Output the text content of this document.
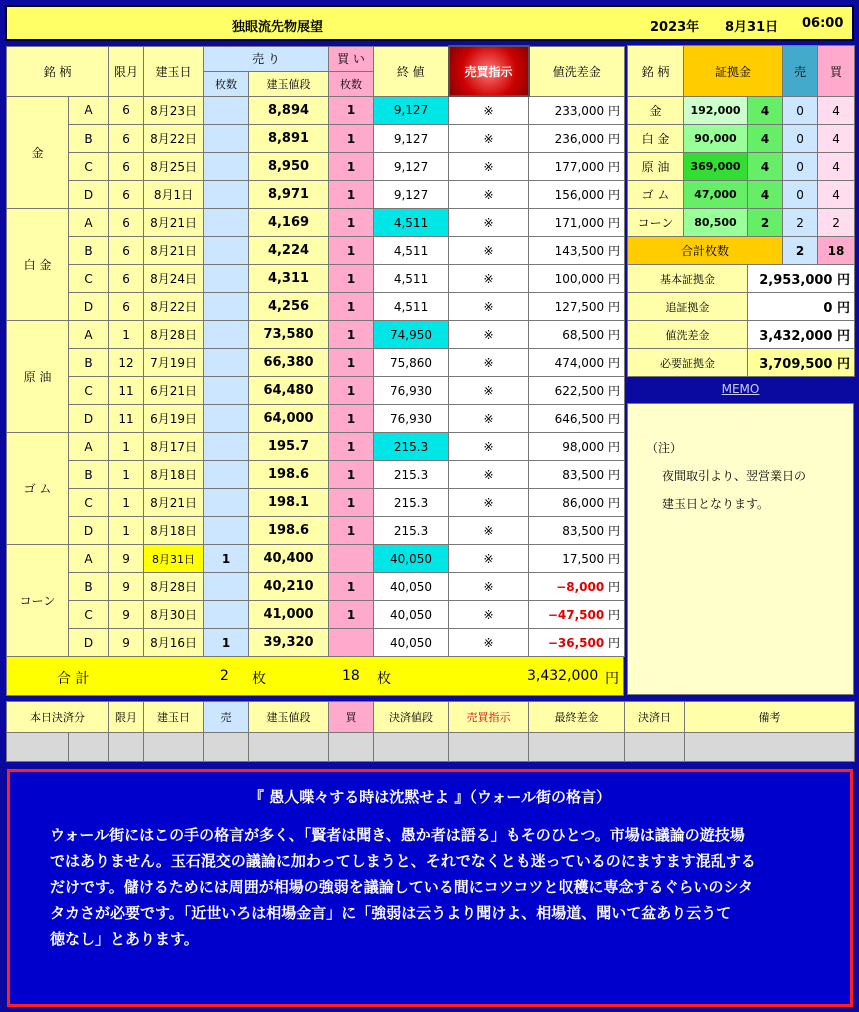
独眼流先物展望	2023年 8月31日 06:00
銘 柄		限月	建玉日	売 り		買 い	終 値	売買指示	値洗差金
				枚数	建玉値段	枚数			
金	A	6	8月23日		8,894	1	9,127	※	233,000 円
	B	6	8月22日		8,891	1	9,127	※	236,000 円
	C	6	8月25日		8,950	1	9,127	※	177,000 円
	D	6	8月1日		8,971	1	9,127	※	156,000 円
白 金	A	6	8月21日		4,169	1	4,511	※	171,000 円
	B	6	8月21日		4,224	1	4,511	※	143,500 円
	C	6	8月24日		4,311	1	4,511	※	100,000 円
	D	6	8月22日		4,256	1	4,511	※	127,500 円
原 油	A	1	8月28日		73,580	1	74,950	※	68,500 円
	B	12	7月19日		66,380	1	75,860	※	474,000 円
	C	11	6月21日		64,480	1	76,930	※	622,500 円
	D	11	6月19日		64,000	1	76,930	※	646,500 円
ゴ ム	A	1	8月17日		195.7	1	215.3	※	98,000 円
	B	1	8月18日		198.6	1	215.3	※	83,500 円
	C	1	8月21日		198.1	1	215.3	※	86,000 円
	D	1	8月18日		198.6	1	215.3	※	83,500 円
コーン	A	9	8月31日	1	40,400		40,050	※	17,500 円
	B	9	8月28日		40,210	1	40,050	※	−8,000 円
	C	9	8月30日		41,000	1	40,050	※	−47,500 円
	D	9	8月16日	1	39,320		40,050	※	−36,500 円
合 計	2 枚	18 枚	3,432,000 円
銘 柄	証拠金		売	買
金	192,000	4	0	4
白 金	90,000	4	0	4
原 油	369,000	4	0	4
ゴ ム	47,000	4	0	4
コーン	80,500	2	2	2
合計枚数			2	18
基本証拠金		2,953,000 円		
追証拠金		0 円		
値洗差金		3,432,000 円		
必要証拠金		3,709,500 円		
MEMO
（注）
夜間取引より、翌営業日の
建玉日となります。
本日決済分		限月	建玉日	売	建玉値段	買	決済値段	売買指示	最終差金	決済日	備考

『 愚人喋々する時は沈黙せよ 』（ウォール街の格言）
ウォール街にはこの手の格言が多く、「賢者は聞き、愚か者は語る」もそのひとつ。市場は議論の遊技場
ではありません。玉石混交の議論に加わってしまうと、それでなくとも迷っているのにますます混乱する
だけです。儲けるためには周囲が相場の強弱を議論している間にコツコツと収穫に専念するぐらいのシタ
タカさが必要です。「近世いろは相場金言」に「強弱は云うより聞けよ、相場道、聞いて盆あり云うて
徳なし」とあります。
